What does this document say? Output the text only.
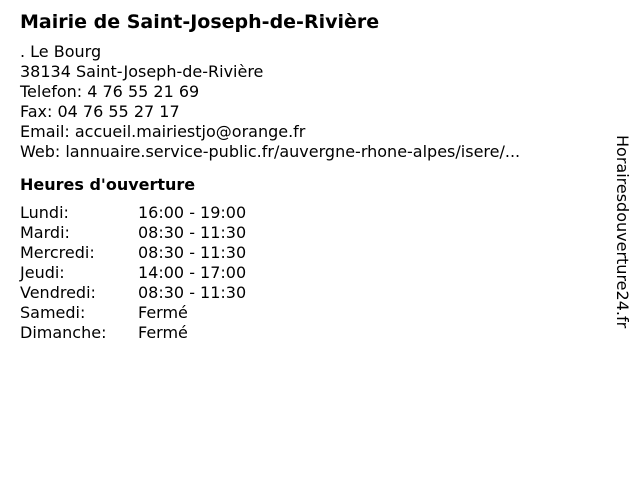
Mairie de Saint-Joseph-de-Rivière
. Le Bourg
38134 Saint-Joseph-de-Rivière
Telefon: 4 76 55 21 69
Fax: 04 76 55 27 17
Email: accueil.mairiestjo@orange.fr
Web: lannuaire.service-public.fr/auvergne-rhone-alpes/isere/...
Heures d'ouverture
Lundi:	16:00 - 19:00
Mardi:	08:30 - 11:30
Mercredi:	08:30 - 11:30
Jeudi:	14:00 - 17:00
Vendredi:	08:30 - 11:30
Samedi:	Fermé
Dimanche:	Fermé
Horairesdouverture24.fr
